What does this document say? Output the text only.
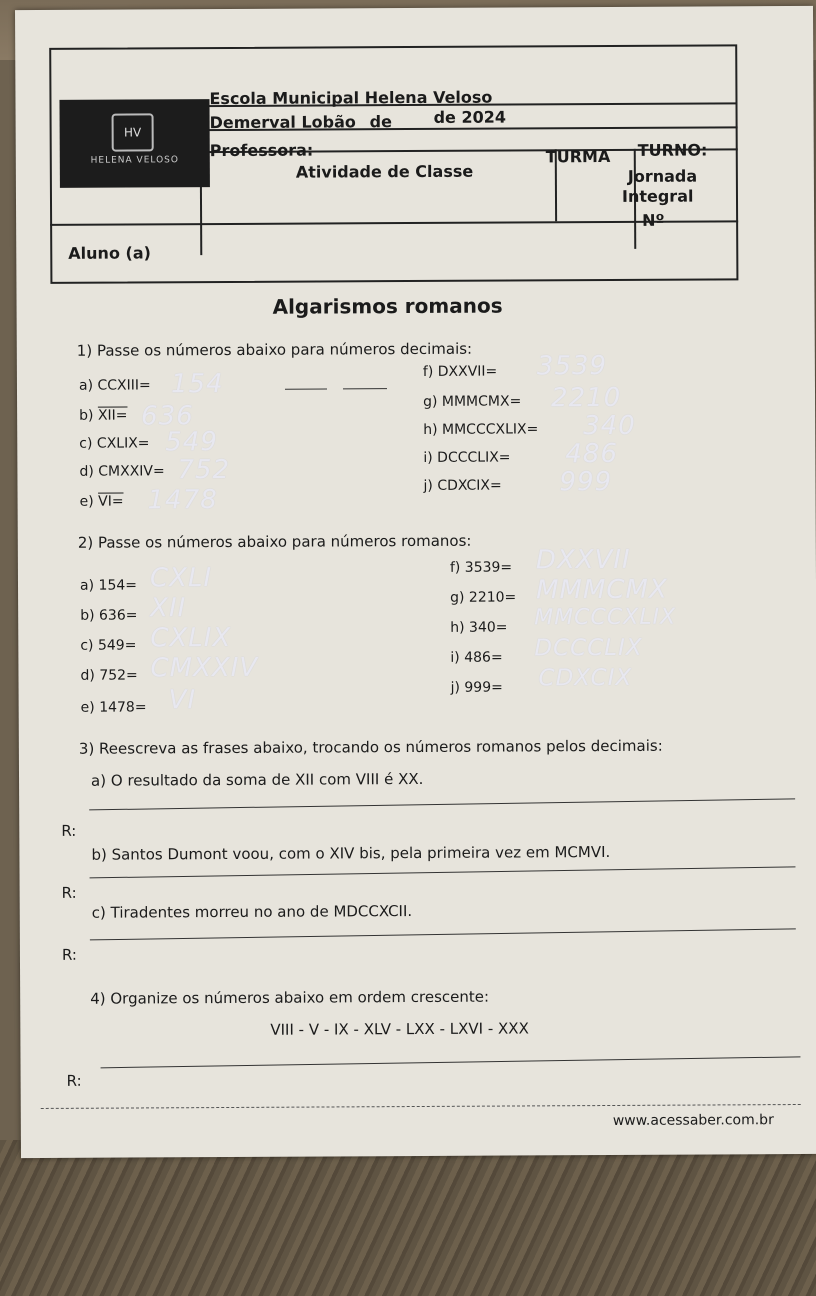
HV
HELENA VELOSO
Escola Municipal Helena Veloso
Demerval Lobão de	de 2024
Professora:
Atividade de Classe
TURMA TURNO:
Jornada
Integral
Nº
Aluno (a)
Algarismos romanos
1) Passe os números abaixo para números decimais:
a) CCXIII= 154
b) XII= 636
c) CXLIX= 549
d) CMXXIV= 752
e) VI= 1478
f) DXXVII= 3539
g) MMMCMX= 2210
h) MMCCCXLIX= 340
i) DCCCLIX= 486
j) CDXCIX= 999
2) Passe os números abaixo para números romanos:
a) 154= CXLI
b) 636= XII
c) 549= CXLIX
d) 752= CMXXIV
e) 1478= VI
f) 3539= DXXVII
g) 2210= MMMCMX
h) 340= MMCCCXLIX
i) 486= DCCCLIX
j) 999= CDXCIX
3) Reescreva as frases abaixo, trocando os números romanos pelos decimais:
a) O resultado da soma de XII com VIII é XX.
R:
b) Santos Dumont voou, com o XIV bis, pela primeira vez em MCMVI.
R:
c) Tiradentes morreu no ano de MDCCXCII.
R:
4) Organize os números abaixo em ordem crescente:
VIII - V - IX - XLV - LXX - LXVI - XXX
R:
www.acessaber.com.br
